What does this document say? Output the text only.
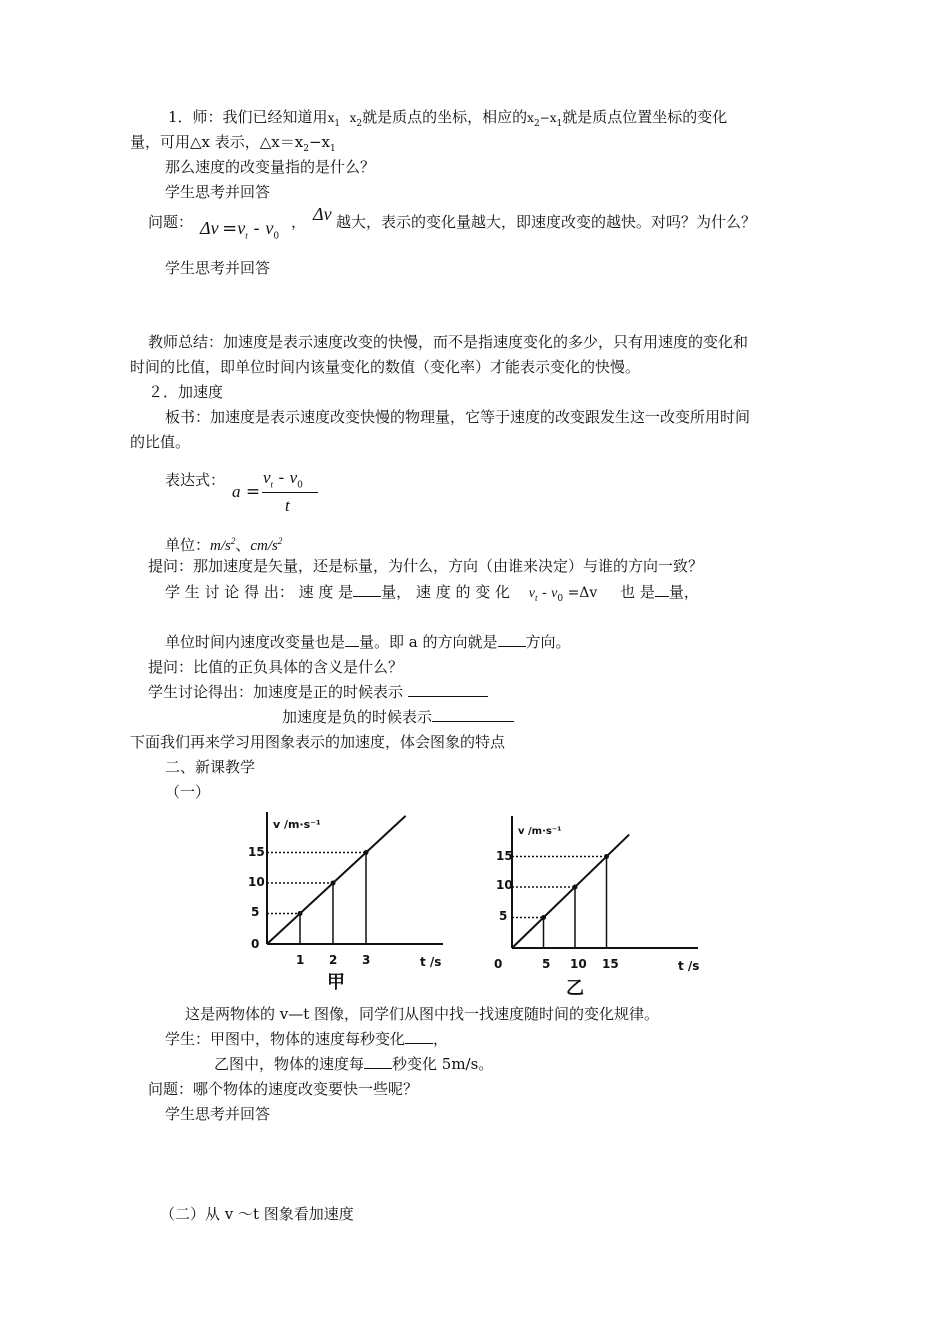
1．师：我们已经知道用$x_1$ $x_2$就是质点的坐标，相应的$x_2-x_1$就是质点位置坐标的变化
量，可用△x 表示，$\triangle x=x_2-x_1$
那么速度的改变量指的是什么？
学生思考并回答
问题： $\Delta v =v_t - v_0$
， Δv 越大，表示的变化量越大，即速度改变的越快。对吗？为什么？
学生思考并回答
教师总结：加速度是表示速度改变的快慢，而不是指速度变化的多少，只有用速度的变化和
时间的比值，即单位时间内该量变化的数值（变化率）才能表示变化的快慢。
２．加速度
板书：加速度是表示速度改变快慢的物理量，它等于速度的改变跟发生这一改变所用时间
的比值。
表达式：
a =
$v_t - v_0$
t
单位：$m/s^2$、$cm/s^2$
提问：那加速度是矢量，还是标量，为什么，方向（由谁来决定）与谁的方向一致？
学 生 讨 论 得 出： 速 度 是 量， 速 度 的 变 化 $v_t - v_0 =\Delta v$ 也 是 量，
单位时间内速度改变量也是 量。即 a 的方向就是 方向。
提问：比值的正负具体的含义是什么？
学生讨论得出：加速度是正的时候表示
加速度是负的时候表示
下面我们再来学习用图象表示的加速度，体会图象的特点
二、新课教学
（一）
v /m·s⁻¹
t /s
15
10
5
0
1 2 3
甲
v /m·s⁻¹
t /s
15
10
5
0	5 10 15
乙
这是两物体的 v—t 图像，同学们从图中找一找速度随时间的变化规律。
学生：甲图中，物体的速度每秒变化 ，
乙图中，物体的速度每 秒变化 5m/s。
问题：哪个物体的速度改变要快一些呢？
学生思考并回答
（二）从 v ～t 图象看加速度
